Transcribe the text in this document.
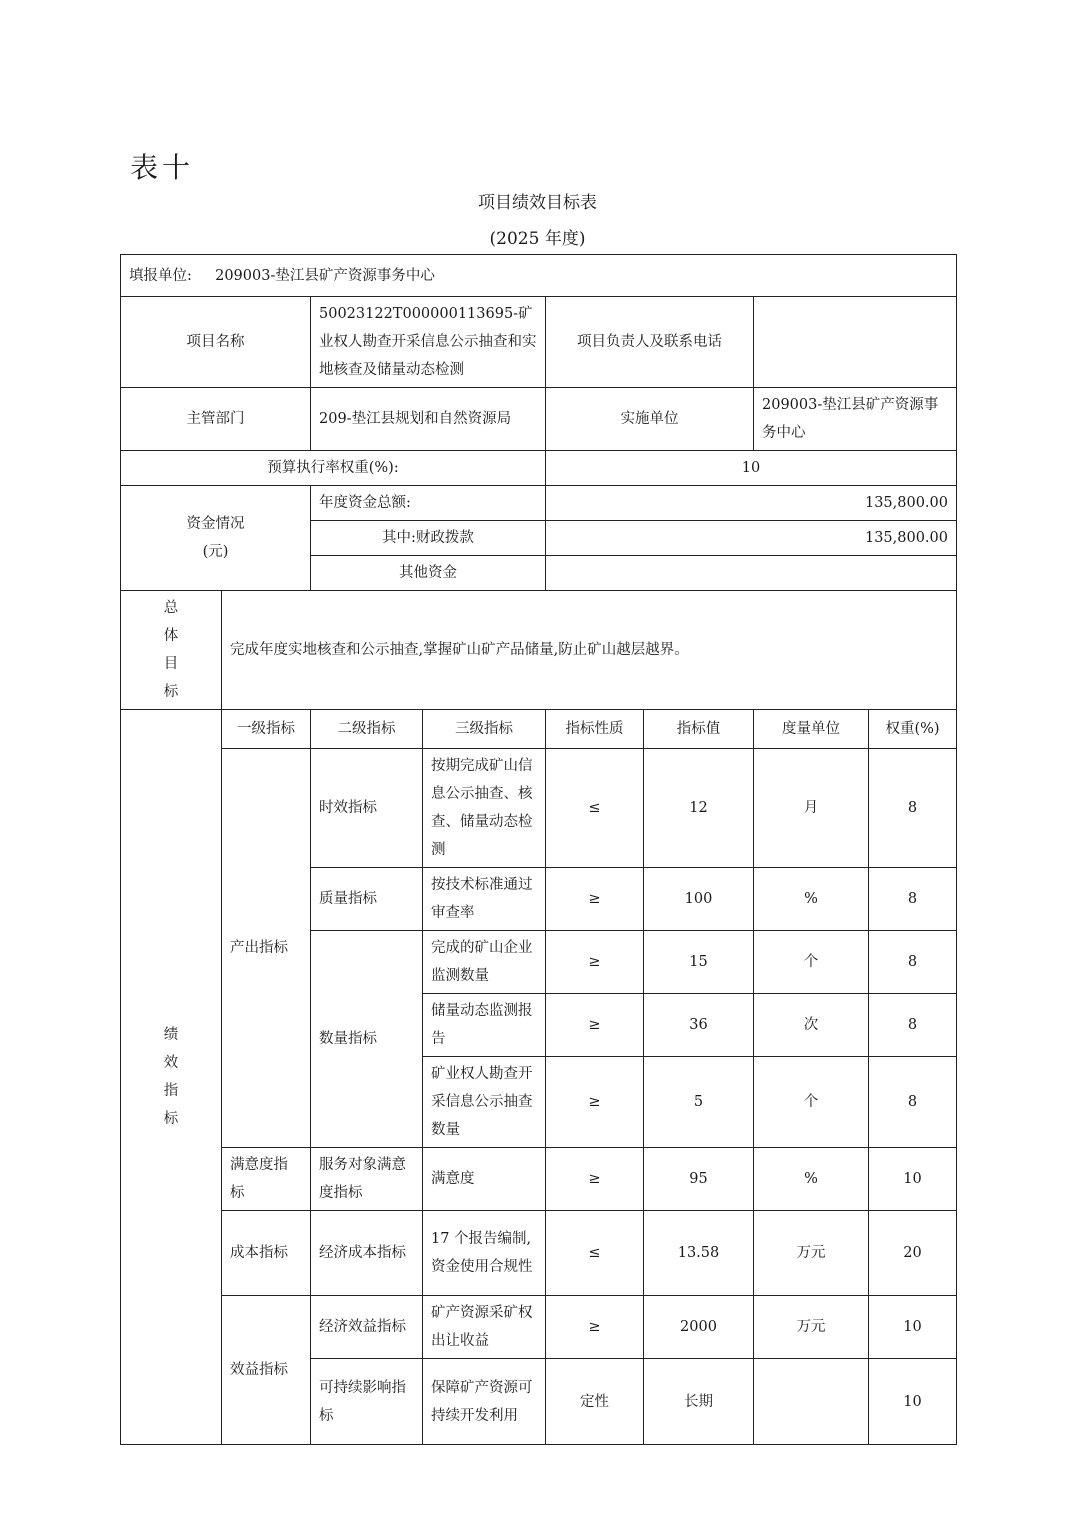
表十
项目绩效目标表
(2025 年度)
填报单位: 209003-垫江县矿产资源事务中心							
项目名称		50023122T000000113695-矿业权人勘查开采信息公示抽查和实地核查及储量动态检测		项目负责人及联系电话			
主管部门		209-垫江县规划和自然资源局		实施单位		209003-垫江县矿产资源事务中心	
预算执行率权重(%):				10			

资金情况
(元)		年度资金总额:		135,800.00			
		其中:财政拨款		135,800.00			
		其他资金					

总
体
目
标	完成年度实地核查和公示抽查,掌握矿山矿产品储量,防止矿山越层越界。						

绩
效
指
标	一级指标	二级指标	三级指标	指标性质	指标值	度量单位	权重(%)
	产出指标	时效指标	按期完成矿山信息公示抽查、核查、储量动态检测	≤	12	月	8
		质量指标	按技术标准通过审查率	≥	100	%	8
		数量指标	完成的矿山企业监测数量	≥	15	个	8
			储量动态监测报告	≥	36	次	8
			矿业权人勘查开采信息公示抽查数量	≥	5	个	8
	满意度指标	服务对象满意度指标	满意度	≥	95	%	10
	成本指标	经济成本指标	17 个报告编制,资金使用合规性	≤	13.58	万元	20
	效益指标	经济效益指标	矿产资源采矿权出让收益	≥	2000	万元	10
		可持续影响指标	保障矿产资源可持续开发利用	定性	长期		10
